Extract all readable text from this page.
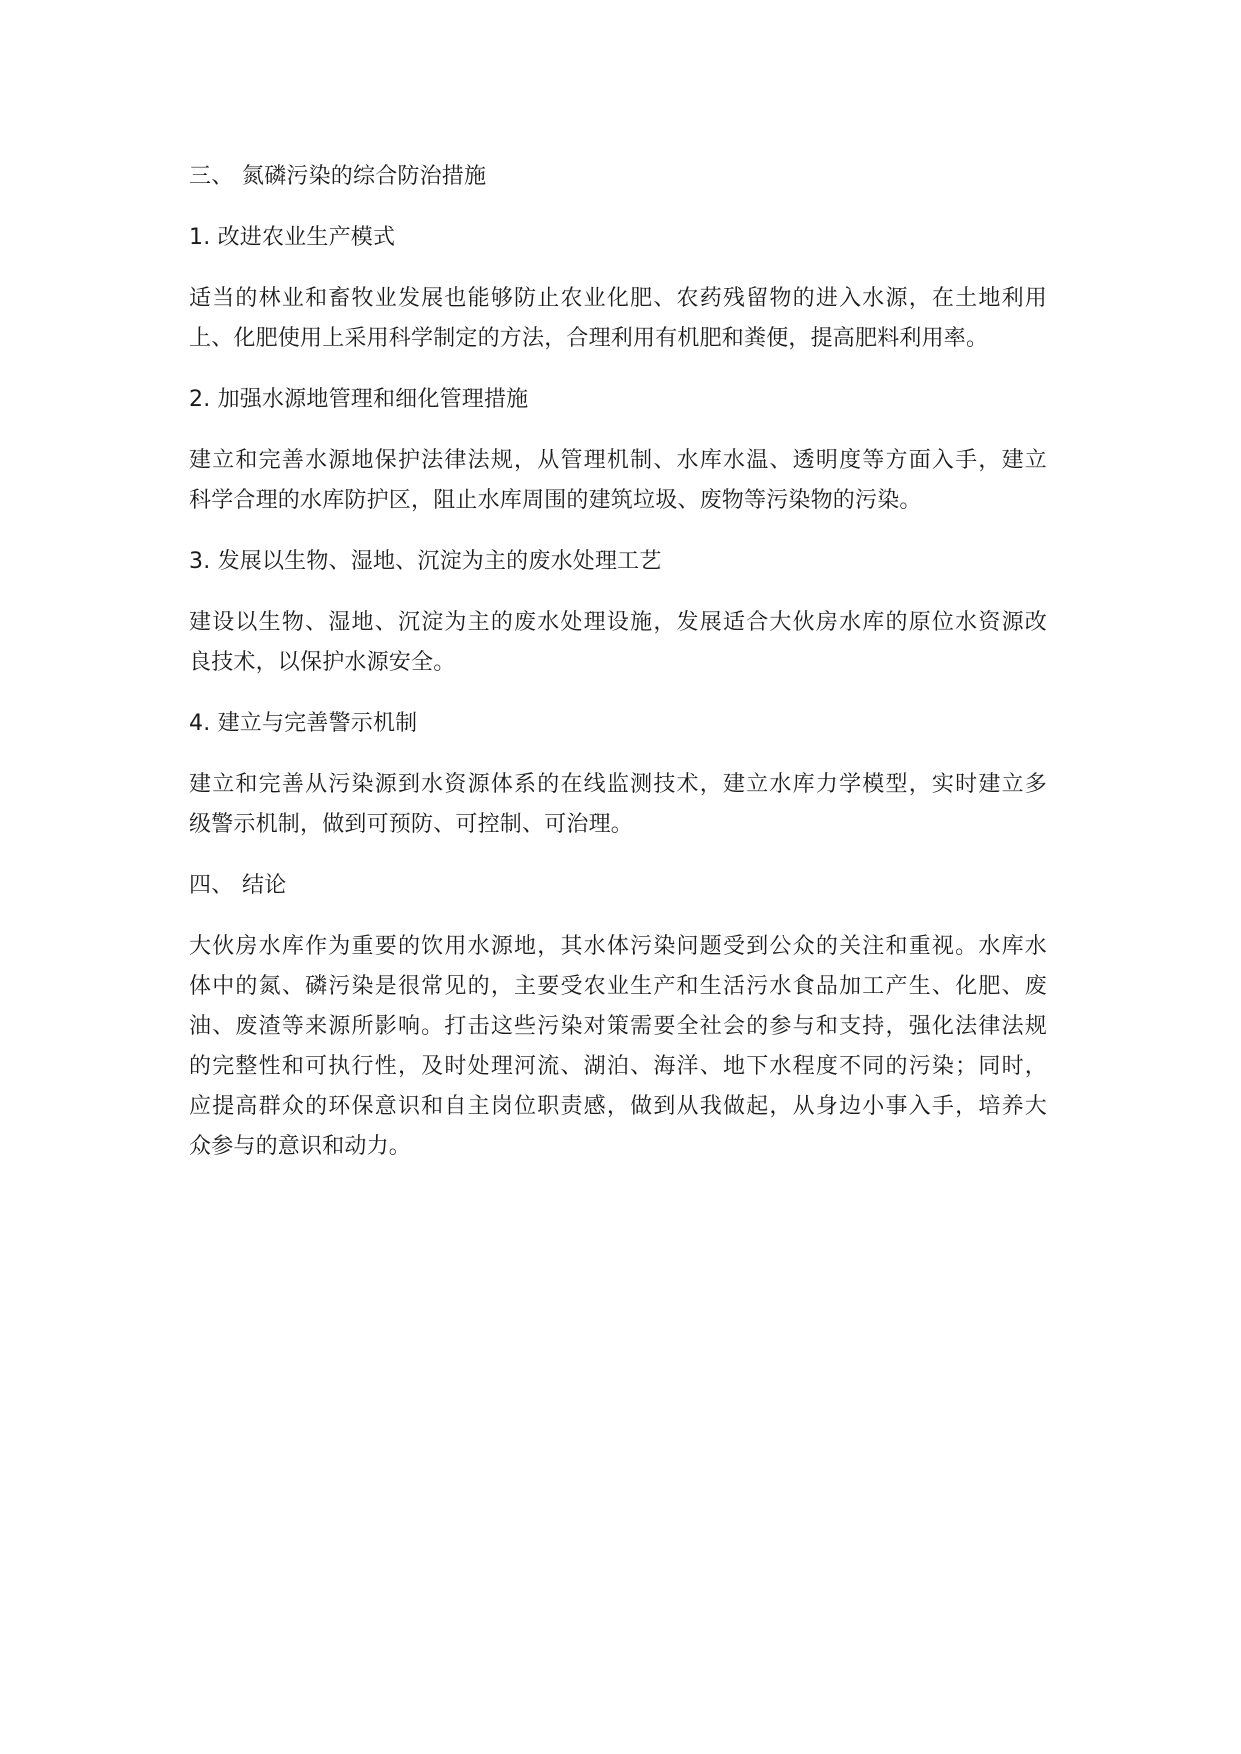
三、 氮磷污染的综合防治措施

1. 改进农业生产模式

适当的林业和畜牧业发展也能够防止农业化肥、农药残留物的进入水源，在土地利用

上、化肥使用上采用科学制定的方法，合理利用有机肥和粪便，提高肥料利用率。

2. 加强水源地管理和细化管理措施

建立和完善水源地保护法律法规，从管理机制、水库水温、透明度等方面入手，建立

科学合理的水库防护区，阻止水库周围的建筑垃圾、废物等污染物的污染。

3. 发展以生物、湿地、沉淀为主的废水处理工艺

建设以生物、湿地、沉淀为主的废水处理设施，发展适合大伙房水库的原位水资源改

良技术，以保护水源安全。

4. 建立与完善警示机制

建立和完善从污染源到水资源体系的在线监测技术，建立水库力学模型，实时建立多

级警示机制，做到可预防、可控制、可治理。

四、 结论

大伙房水库作为重要的饮用水源地，其水体污染问题受到公众的关注和重视。水库水

体中的氮、磷污染是很常见的，主要受农业生产和生活污水食品加工产生、化肥、废

油、废渣等来源所影响。打击这些污染对策需要全社会的参与和支持，强化法律法规

的完整性和可执行性，及时处理河流、湖泊、海洋、地下水程度不同的污染；同时，

应提高群众的环保意识和自主岗位职责感，做到从我做起，从身边小事入手，培养大

众参与的意识和动力。
